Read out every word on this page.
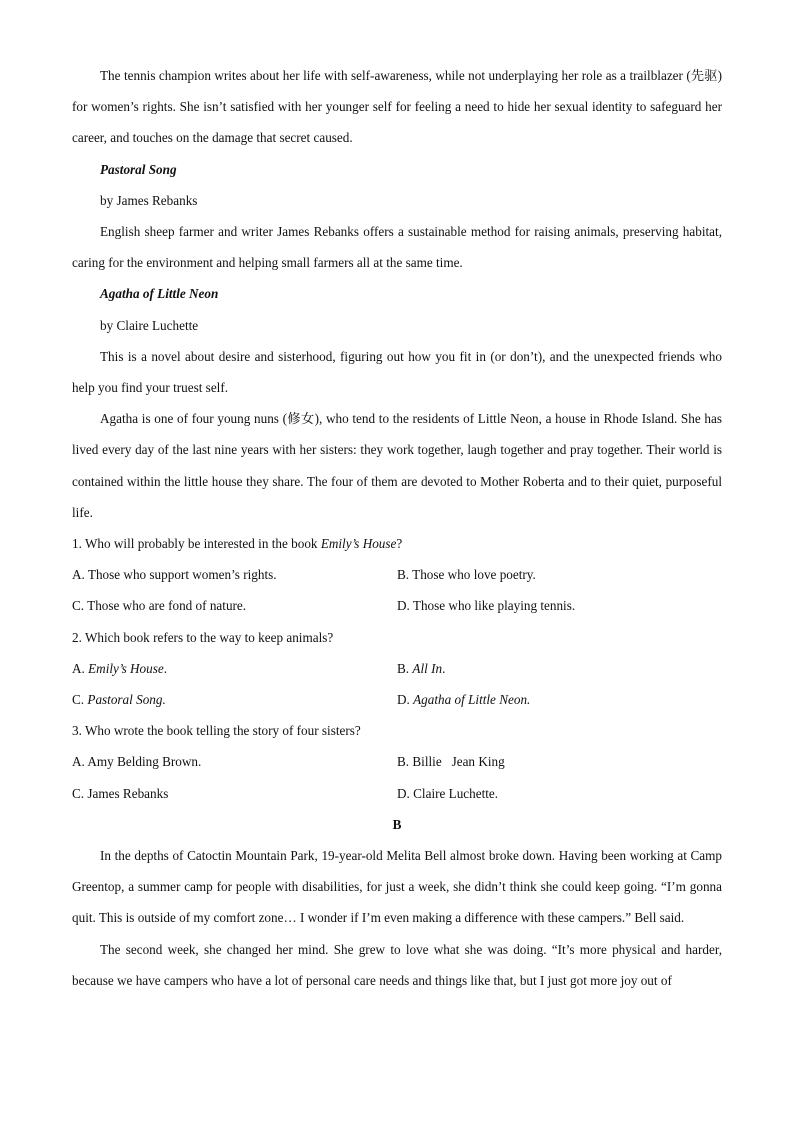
The tennis champion writes about her life with self-awareness, while not underplaying her role as a trailblazer (先驱) for women’s rights. She isn’t satisfied with her younger self for feeling a need to hide her sexual identity to safeguard her career, and touches on the damage that secret caused.

Pastoral Song

by James Rebanks

English sheep farmer and writer James Rebanks offers a sustainable method for raising animals, preserving habitat, caring for the environment and helping small farmers all at the same time.

Agatha of Little Neon

by Claire Luchette

This is a novel about desire and sisterhood, figuring out how you fit in (or don’t), and the unexpected friends who help you find your truest self.

Agatha is one of four young nuns (修女), who tend to the residents of Little Neon, a house in Rhode Island. She has lived every day of the last nine years with her sisters: they work together, laugh together and pray together. Their world is contained within the little house they share. The four of them are devoted to Mother Roberta and to their quiet, purposeful life.

1. Who will probably be interested in the book Emily’s House?

A. Those who support women’s rights.	B. Those who love poetry.
C. Those who are fond of nature.	D. Those who like playing tennis.

2. Which book refers to the way to keep animals?

A. Emily’s House.	B. All In.
C. Pastoral Song.	D. Agatha of Little Neon.

3. Who wrote the book telling the story of four sisters?

A. Amy Belding Brown.	B. Billie   Jean King
C. James Rebanks	D. Claire Luchette.

B

In the depths of Catoctin Mountain Park, 19-year-old Melita Bell almost broke down. Having been working at Camp Greentop, a summer camp for people with disabilities, for just a week, she didn’t think she could keep going. “I’m gonna quit. This is outside of my comfort zone… I wonder if I’m even making a difference with these campers.” Bell said.

The second week, she changed her mind. She grew to love what she was doing. “It’s more physical and harder, because we have campers who have a lot of personal care needs and things like that, but I just got more joy out of
